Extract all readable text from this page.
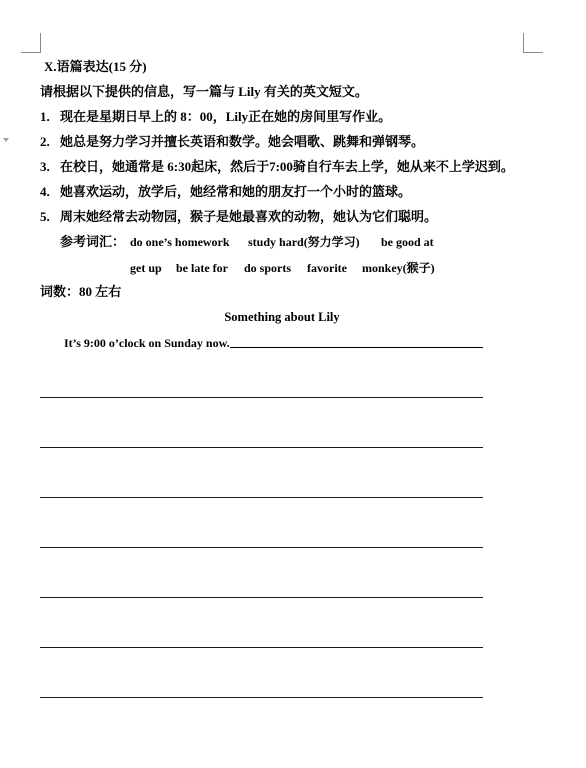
X.语篇表达(15 分)
请根据以下提供的信息，写一篇与 Lily 有关的英文短文。
1. 现在是星期日早上的 8：00，Lily正在她的房间里写作业。
2. 她总是努力学习并擅长英语和数学。她会唱歌、跳舞和弹钢琴。
3. 在校日，她通常是 6:30起床，然后于7:00骑自行车去上学，她从来不上学迟到。
4. 她喜欢运动，放学后，她经常和她的朋友打一个小时的篮球。
5. 周末她经常去动物园，猴子是她最喜欢的动物，她认为它们聪明。
参考词汇： do one’s homework study hard(努力学习) be good at
get up be late for do sports favorite monkey(猴子)
词数：80 左右
Something about Lily
It’s 9:00 o’clock on Sunday now.
